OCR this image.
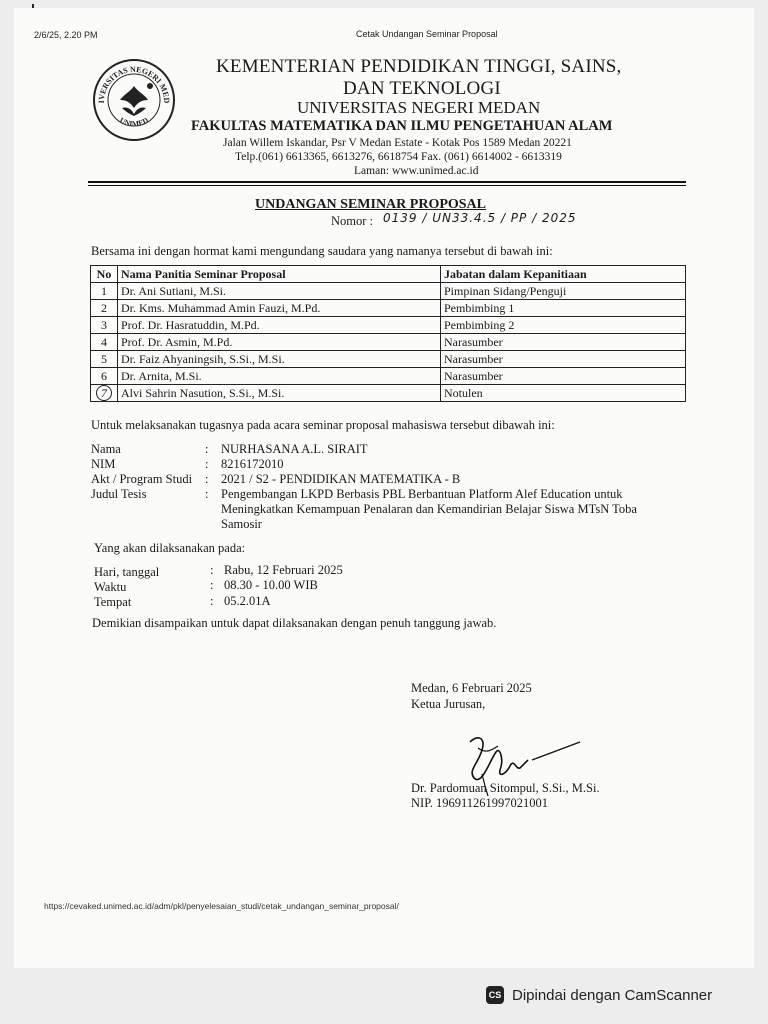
2/6/25, 2.20 PM	Cetak Undangan Seminar Proposal
IVERSITAS NEGERI MED
UNIMED
KEMENTERIAN PENDIDIKAN TINGGI, SAINS,
DAN TEKNOLOGI
UNIVERSITAS NEGERI MEDAN
FAKULTAS MATEMATIKA DAN ILMU PENGETAHUAN ALAM
Jalan Willem Iskandar, Psr V Medan Estate - Kotak Pos 1589 Medan 20221
Telp.(061) 6613365, 6613276, 6618754 Fax. (061) 6614002 - 6613319
Laman: www.unimed.ac.id
UNDANGAN SEMINAR PROPOSAL
Nomor : 0139 / UN33.4.5 / PP / 2025
Bersama ini dengan hormat kami mengundang saudara yang namanya tersebut di bawah ini:
No	Nama Panitia Seminar Proposal	Jabatan dalam Kepanitiaan
1	Dr. Ani Sutiani, M.Si.	Pimpinan Sidang/Penguji
2	Dr. Kms. Muhammad Amin Fauzi, M.Pd.	Pembimbing 1
3	Prof. Dr. Hasratuddin, M.Pd.	Pembimbing 2
4	Prof. Dr. Asmin, M.Pd.	Narasumber
5	Dr. Faiz Ahyaningsih, S.Si., M.Si.	Narasumber
6	Dr. Arnita, M.Si.	Narasumber
7	Alvi Sahrin Nasution, S.Si., M.Si.	Notulen
Untuk melaksanakan tugasnya pada acara seminar proposal mahasiswa tersebut dibawah ini:
Nama	: NURHASANA A.L. SIRAIT
NIM	: 8216172010
Akt / Program Studi : 2021 / S2 - PENDIDIKAN MATEMATIKA - B
Judul Tesis	: Pengembangan LKPD Berbasis PBL Berbantuan Platform Alef Education untuk
Meningkatkan Kemampuan Penalaran dan Kemandirian Belajar Siswa MTsN Toba
Samosir
Yang akan dilaksanakan pada:
Hari, tanggal	: Rabu, 12 Februari 2025
Waktu	: 08.30 - 10.00 WIB
Tempat	: 05.2.01A
Demikian disampaikan untuk dapat dilaksanakan dengan penuh tanggung jawab.
Medan, 6 Februari 2025
Ketua Jurusan,
Dr. Pardomuan Sitompul, S.Si., M.Si.
NIP. 196911261997021001
https://cevaked.unimed.ac.id/adm/pkl/penyelesaian_studi/cetak_undangan_seminar_proposal/
CS Dipindai dengan CamScanner
